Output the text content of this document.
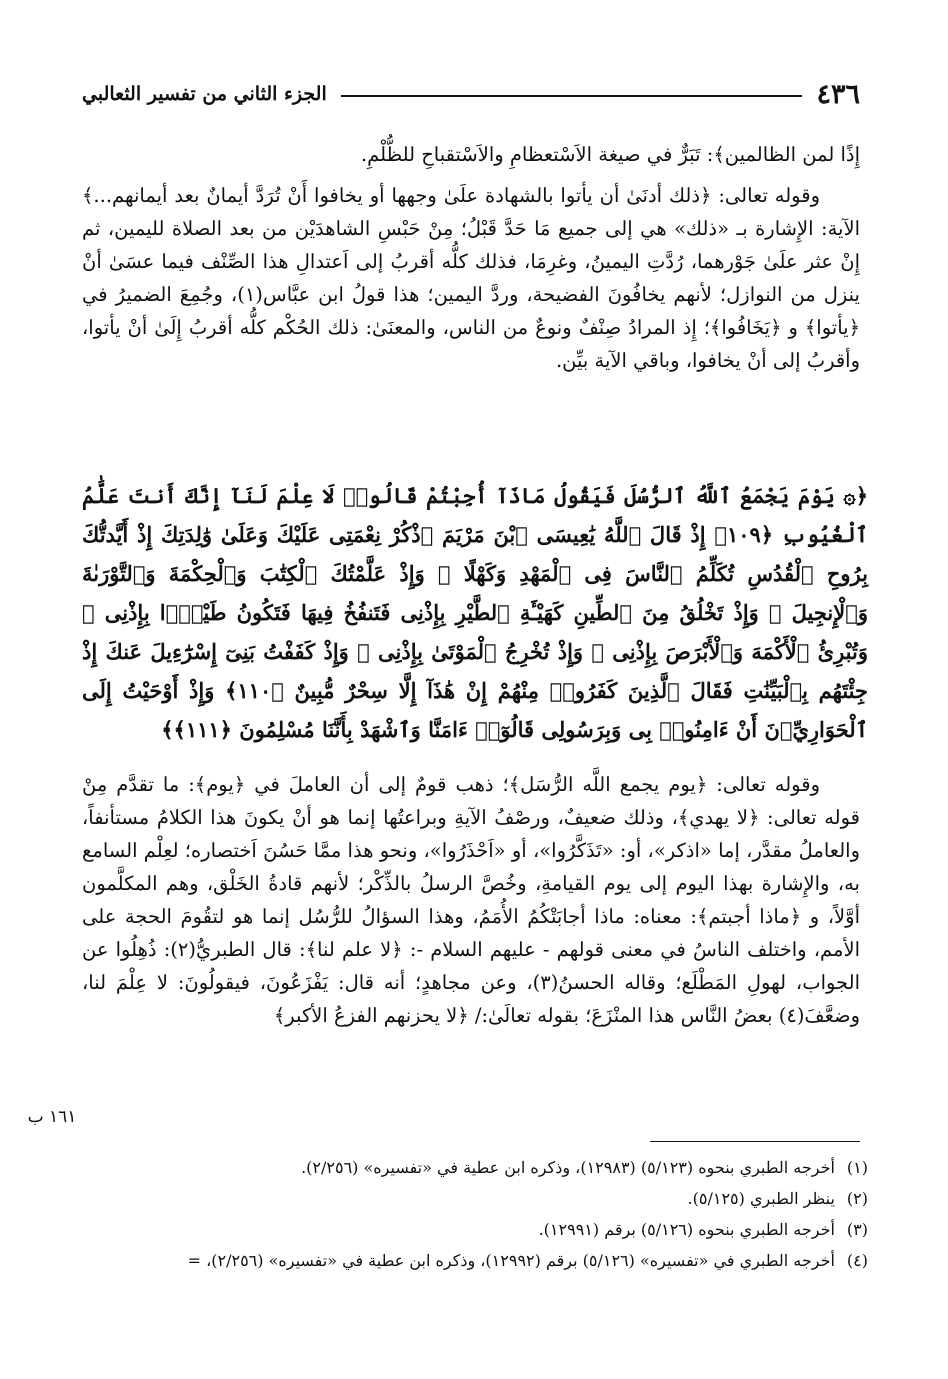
٤٣٦
الجزء الثاني من تفسير الثعالبي

إِذًا لمن الظالمين﴾: تَبَرٌّ في صيغة الاَسْتعظامِ والاَسْتقباحِ للظُّلْمِ.

وقوله تعالى: ﴿ذلك أدنَىٰ أن يأتوا بالشهادة علَىٰ وجهها أو يخافوا أَنْ تُرَدَّ أيمانٌ بعد أيمانهم...﴾ الآية: الإِشارة بـ «ذلك» هي إلى جميع مَا حَدَّ قَبْلُ؛ مِنْ حَبْسِ الشاهدَيْن من بعد الصلاة لليمين، ثم إِنْ عثر علَىٰ جَوْرهما، رُدَّتِ اليمينُ، وغرِمَا، فذلك كلُّه أقربُ إلى اَعتدالِ هذا الصِّنْف فيما عسَىٰ أنْ ينزل من النوازل؛ لأنهم يخافُونَ الفضيحة، وردَّ اليمين؛ هذا قولُ ابن عبَّاس(١)، وجُمِعَ الضميرُ في ﴿يأتوا﴾ و ﴿يَخَافُوا﴾؛ إِذ المرادُ صِنْفٌ ونوعٌ من الناس، والمعنَىٰ: ذلك الحُكْم كلُّه أقربُ إِلَىٰ أنْ يأتوا، وأقربُ إلى أنْ يخافوا، وباقي الآية بيِّن.

﴿۞ يَوْمَ يَجْمَعُ ٱللَّهُ ٱلرُّسُلَ فَيَقُولُ مَاذَآ أُجِبْتُمْ قَالُوا۟ لَا عِلْمَ لَنَآ إِنَّكَ أَنتَ عَلَّٰمُ ٱلْغُيُوبِ ﴿١٠٩﴾ إِذْ قَالَ ٱللَّهُ يَٰعِيسَى ٱبْنَ مَرْيَمَ ٱذْكُرْ نِعْمَتِى عَلَيْكَ وَعَلَىٰ وَٰلِدَتِكَ إِذْ أَيَّدتُّكَ بِرُوحِ ٱلْقُدُسِ تُكَلِّمُ ٱلنَّاسَ فِى ٱلْمَهْدِ وَكَهْلًا ۖ وَإِذْ عَلَّمْتُكَ ٱلْكِتَٰبَ وَٱلْحِكْمَةَ وَٱلتَّوْرَىٰةَ وَٱلْإِنجِيلَ ۖ وَإِذْ تَخْلُقُ مِنَ ٱلطِّينِ كَهَيْـَٔةِ ٱلطَّيْرِ بِإِذْنِى فَتَنفُخُ فِيهَا فَتَكُونُ طَيْرًۢا بِإِذْنِى ۖ وَتُبْرِئُ ٱلْأَكْمَهَ وَٱلْأَبْرَصَ بِإِذْنِى ۖ وَإِذْ تُخْرِجُ ٱلْمَوْتَىٰ بِإِذْنِى ۖ وَإِذْ كَفَفْتُ بَنِىٓ إِسْرَٰٓءِيلَ عَنكَ إِذْ جِئْتَهُم بِٱلْبَيِّنَٰتِ فَقَالَ ٱلَّذِينَ كَفَرُوا۟ مِنْهُمْ إِنْ هَٰذَآ إِلَّا سِحْرٌ مُّبِينٌ ﴿١١٠﴾ وَإِذْ أَوْحَيْتُ إِلَى ٱلْحَوَارِيِّۦنَ أَنْ ءَامِنُوا۟ بِى وَبِرَسُولِى قَالُوٓا۟ ءَامَنَّا وَٱشْهَدْ بِأَنَّنَا مُسْلِمُونَ ﴿١١١﴾﴾

وقوله تعالى: ﴿يوم يجمع اللَّه الرُّسَل﴾؛ ذهب قومٌ إلى أن العاملَ في ﴿يوم﴾: ما تقدَّم مِنْ قوله تعالى: ﴿لا يهدي﴾، وذلك ضعيفٌ، ورصْفُ الآيةِ وبراعتُها إنما هو أنْ يكونَ هذا الكلامُ مستأنفاً، والعاملُ مقدَّر، إما «اذكر»، أو: «تَذَكَّرُوا»، أو «اَحْذَرُوا»، ونحو هذا ممَّا حَسُنَ اَختصاره؛ لعِلْم السامع به، والإِشارة بهذا اليوم إلى يوم القيامةِ، وخُصَّ الرسلُ بالذِّكْر؛ لأنهم قادةُ الخَلْق، وهم المكلَّمون أوَّلاً، و ﴿ماذا أجبتم﴾: معناه: ماذا أجابَتْكُمُ الأُمَمُ، وهذا السؤالُ للرُّسُل إنما هو لتقُومَ الحجة على الأمم، واختلف الناسُ في معنى قولهم - عليهم السلام -: ﴿لا علم لنا﴾: قال الطبريُّ(٢): ذُهِلُوا عن الجواب، لهولِ المَطْلَع؛ وقاله الحسنُ(٣)، وعن مجاهدٍ؛ أنه قال: يَفْزَعُونَ، فيقولُونَ: لا عِلْمَ لنا، وضعَّفَ(٤) بعضُ النَّاس هذا المنْزَعَ؛ بقوله تعالَىٰ:/ ﴿لا يحزنهم الفزعُ الأكبر﴾

١٦١ ب
(١)أخرجه الطبري بنحوه (٥/١٢٣) (١٢٩٨٣)، وذكره ابن عطية في «تفسيره» (٢/٢٥٦).
(٢)ينظر الطبري (٥/١٢٥).
(٣)أخرجه الطبري بنحوه (٥/١٢٦) برقم (١٢٩٩١).
(٤)أخرجه الطبري في «تفسيره» (٥/١٢٦) برقم (١٢٩٩٢)، وذكره ابن عطية في «تفسيره» (٢/٢٥٦)، =
